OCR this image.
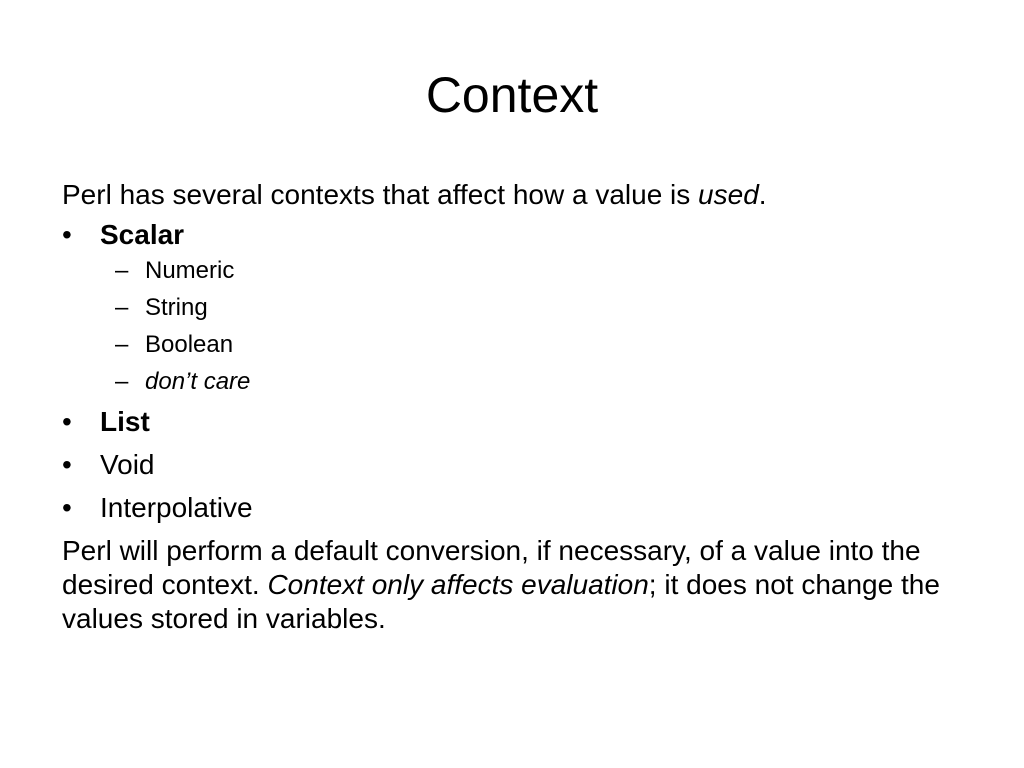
Context

Perl has several contexts that affect how a value is used.

•	Scalar
– Numeric
– String
– Boolean
– don’t care
•	List
•	Void
•	Interpolative

Perl will perform a default conversion, if necessary, of a value into the desired context. Context only affects evaluation; it does not change the values stored in variables.
